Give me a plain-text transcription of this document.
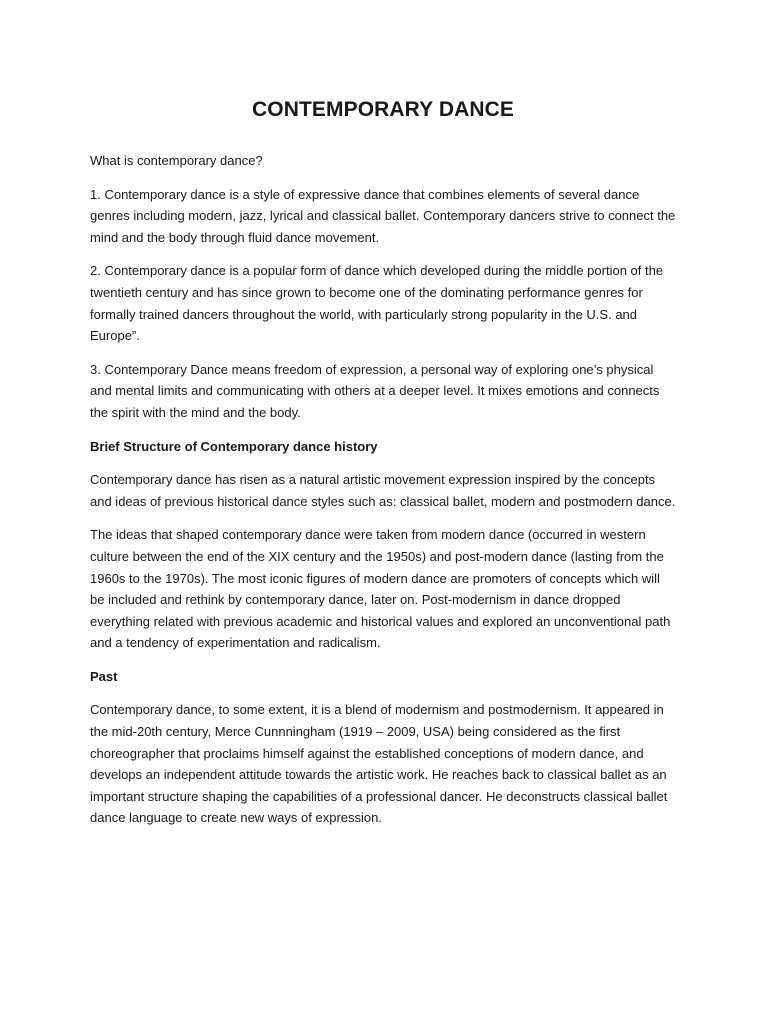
CONTEMPORARY DANCE

What is contemporary dance?

1. Contemporary dance is a style of expressive dance that combines elements of several dance genres including modern, jazz, lyrical and classical ballet. Contemporary dancers strive to connect the mind and the body through fluid dance movement.

2. Contemporary dance is a popular form of dance which developed during the middle portion of the twentieth century and has since grown to become one of the dominating performance genres for formally trained dancers throughout the world, with particularly strong popularity in the U.S. and Europe”.

3. Contemporary Dance means freedom of expression, a personal way of exploring one’s physical and mental limits and communicating with others at a deeper level. It mixes emotions and connects the spirit with the mind and the body.

Brief Structure of Contemporary dance history

Contemporary dance has risen as a natural artistic movement expression inspired by the concepts and ideas of previous historical dance styles such as: classical ballet, modern and postmodern dance.

The ideas that shaped contemporary dance were taken from modern dance (occurred in western culture between the end of the XIX century and the 1950s) and post-modern dance (lasting from the 1960s to the 1970s). The most iconic figures of modern dance are promoters of concepts which will be included and rethink by contemporary dance, later on. Post-modernism in dance dropped everything related with previous academic and historical values and explored an unconventional path and a tendency of experimentation and radicalism.

Past

Contemporary dance, to some extent, it is a blend of modernism and postmodernism. It appeared in the mid-20th century, Merce Cunnningham (1919 – 2009, USA) being considered as the first choreographer that proclaims himself against the established conceptions of modern dance, and develops an independent attitude towards the artistic work. He reaches back to classical ballet as an important structure shaping the capabilities of a professional dancer. He deconstructs classical ballet dance language to create new ways of expression.
